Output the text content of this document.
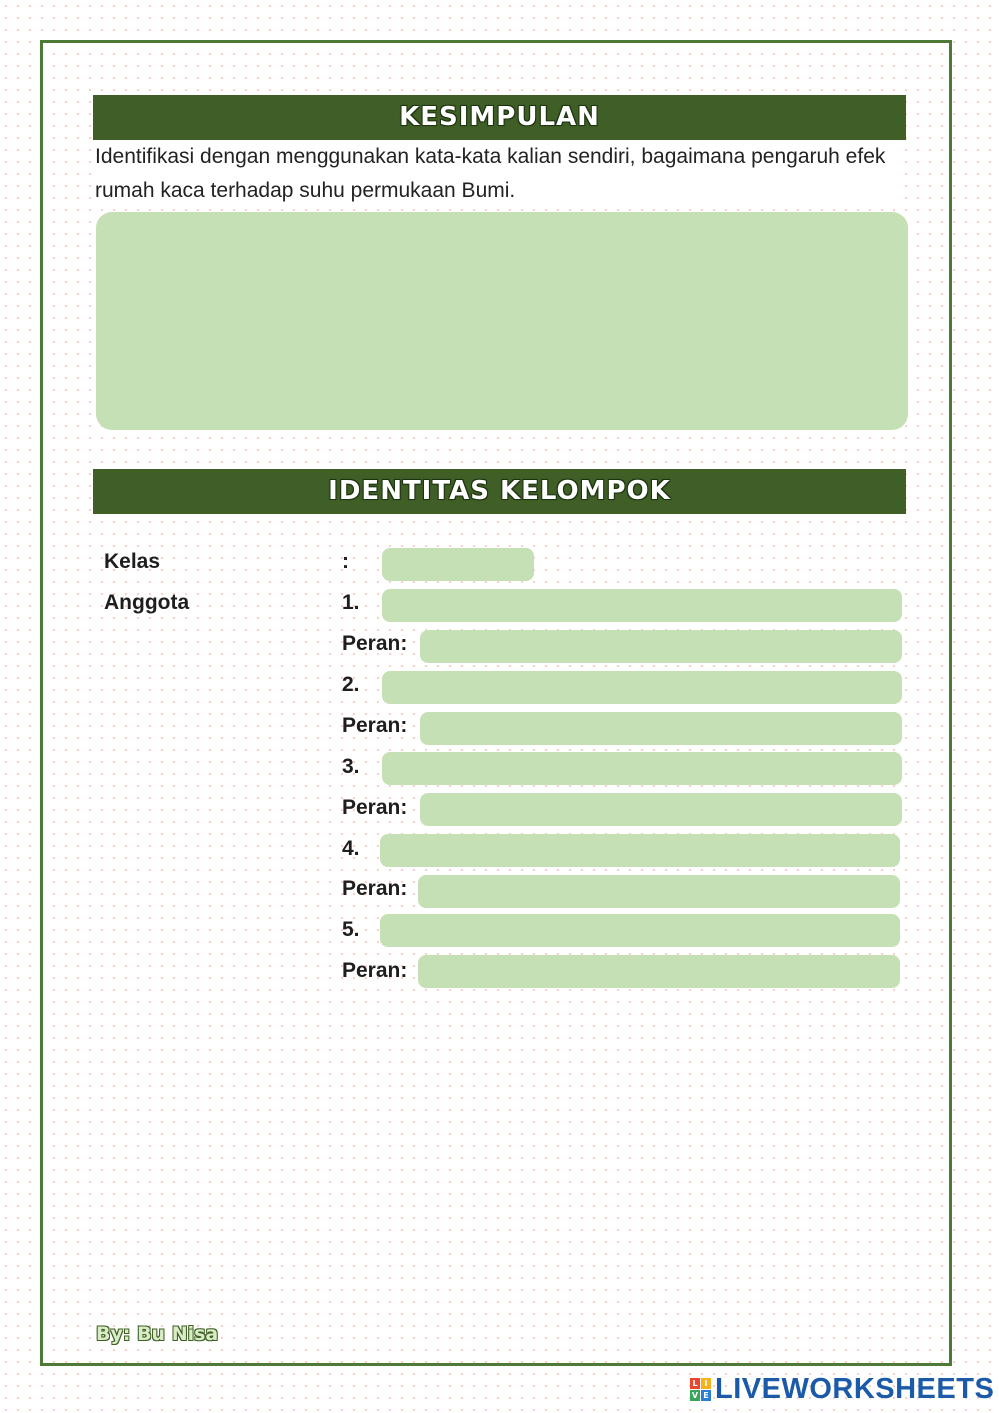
KESIMPULAN
Identifikasi dengan menggunakan kata-kata kalian sendiri, bagaimana pengaruh efek rumah kaca terhadap suhu permukaan Bumi.
IDENTITAS KELOMPOK
Kelas	:
Anggota	1.
Peran:
2.
Peran:
3.
Peran:
4.
Peran:
5.
Peran:
By: Bu Nisa
L I
V E LIVEWORKSHEETS
